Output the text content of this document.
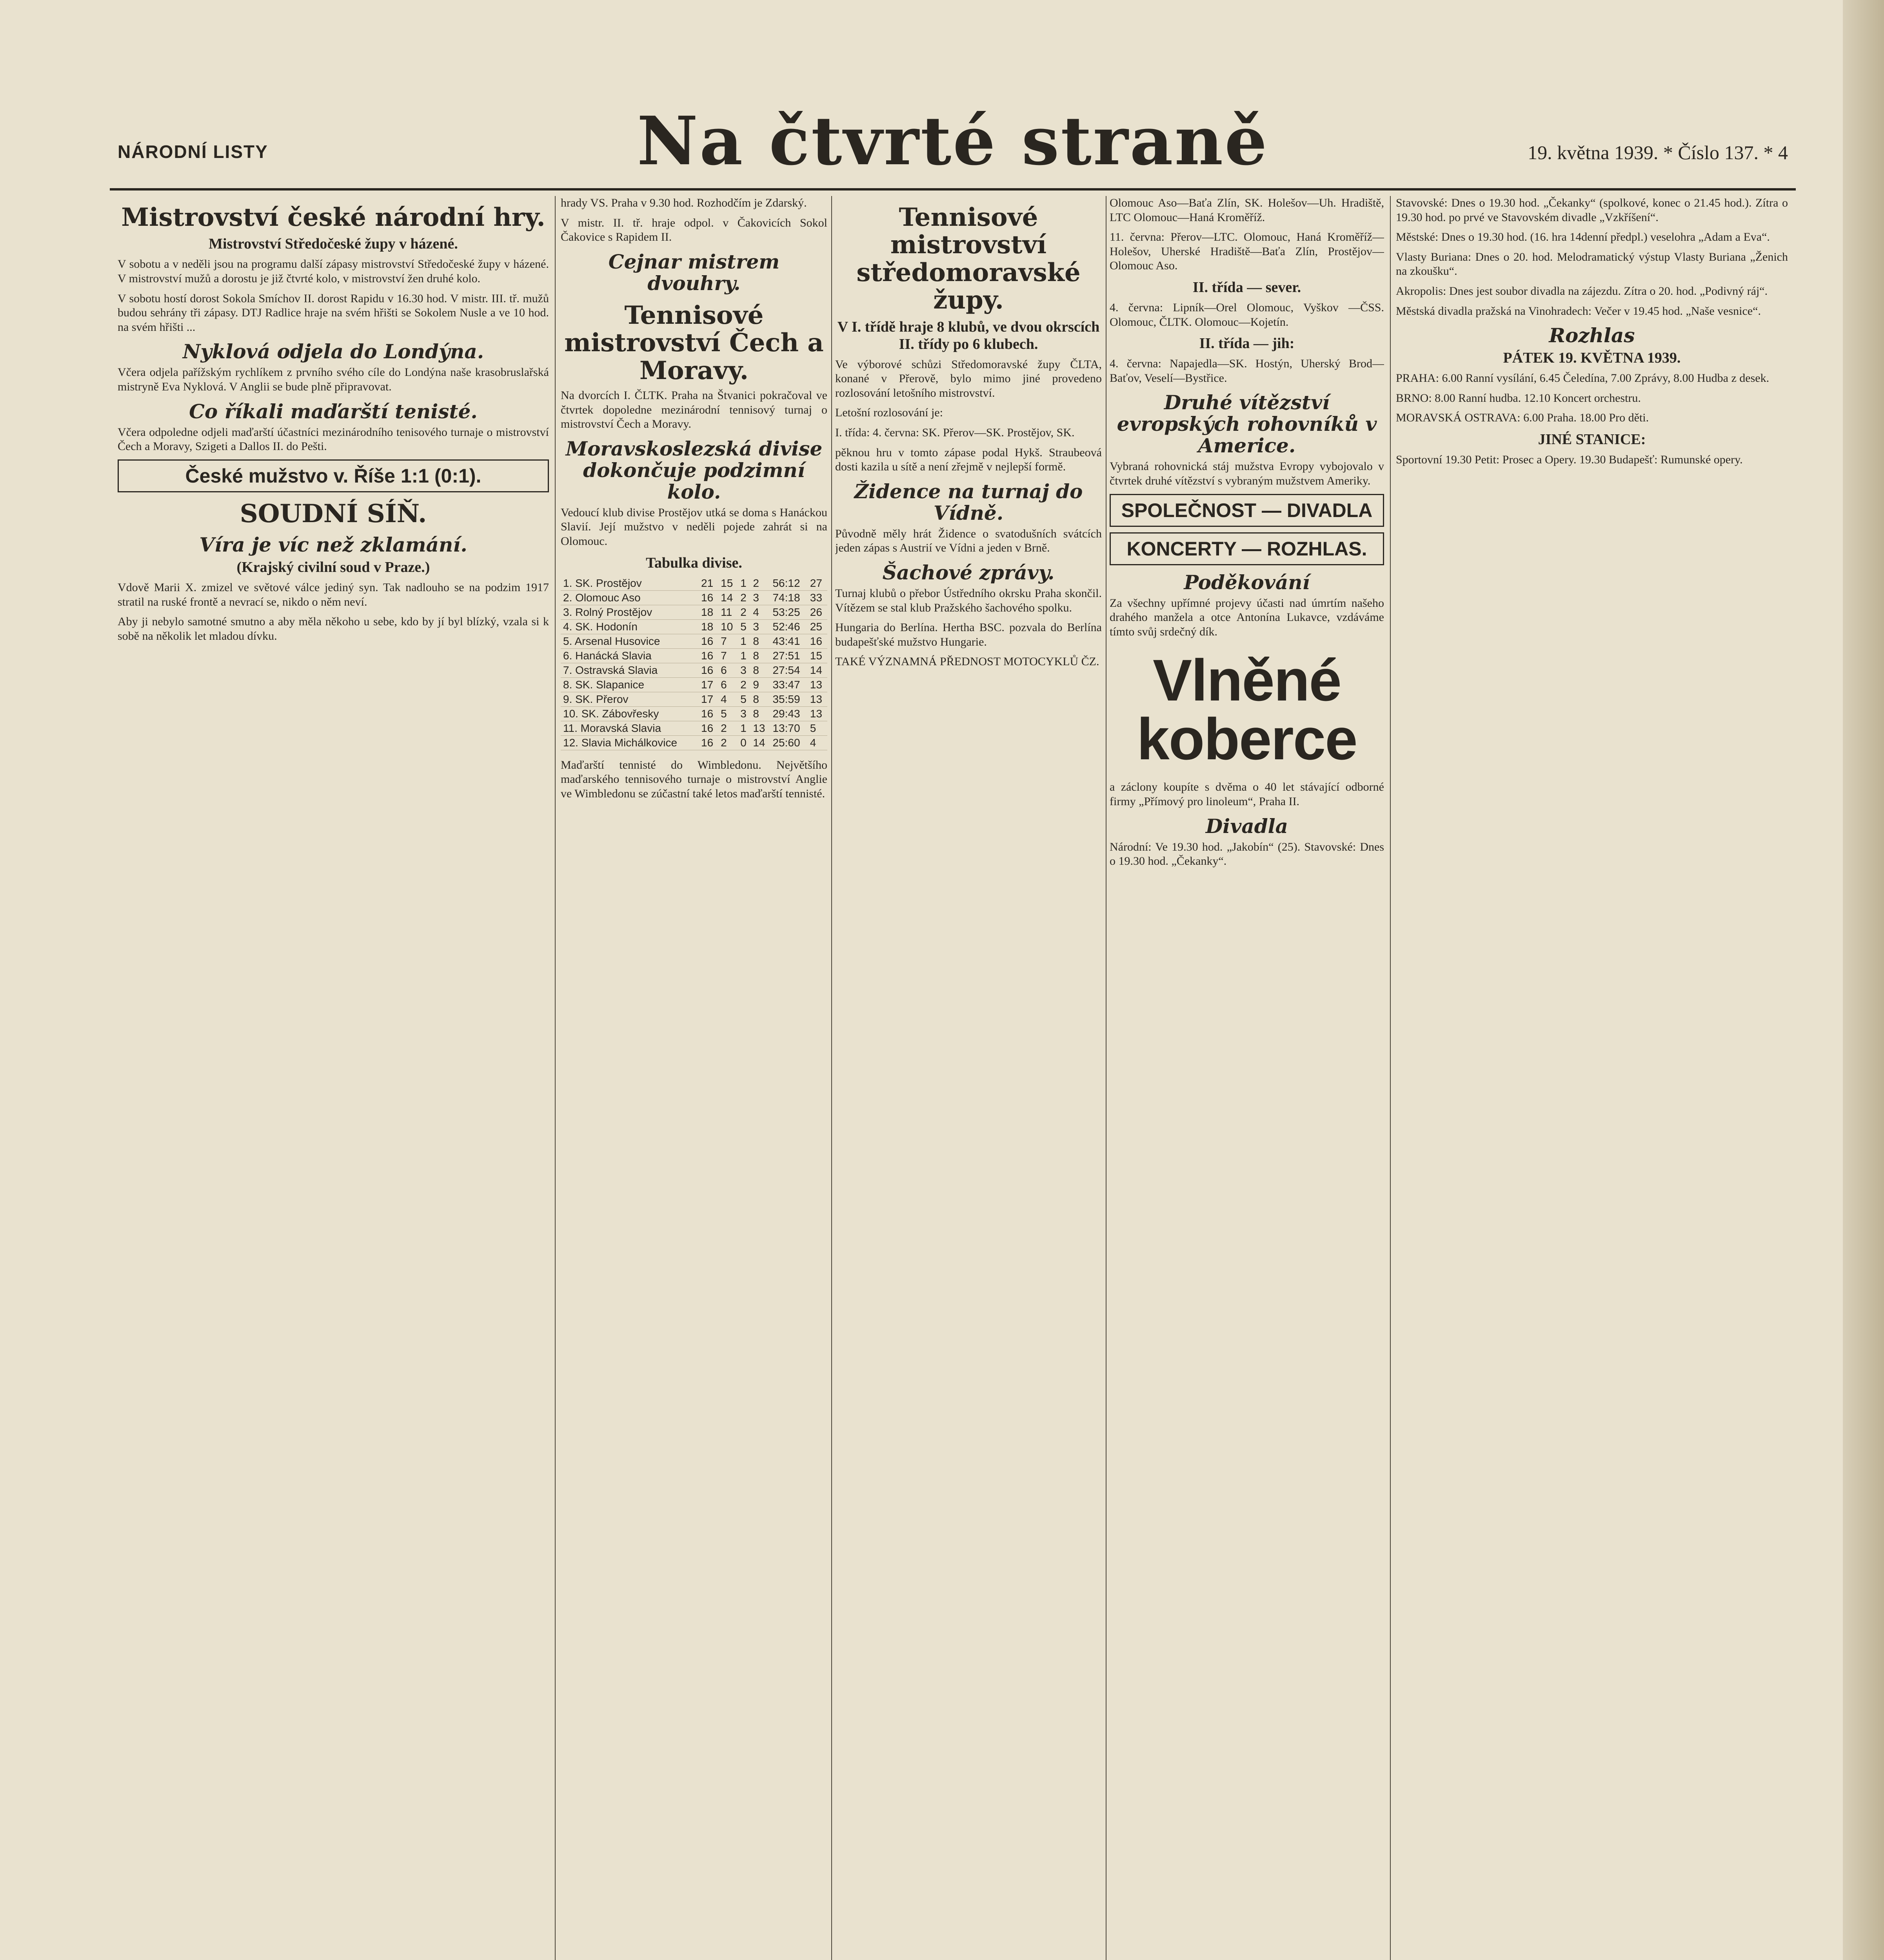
NÁRODNÍ LISTY	Na čtvrté straně	19. května 1939. * Číslo 137. * 4
Mistrovství české národní hry.
Mistrovství Středočeské župy v házené.

V sobotu a v neděli jsou na programu další zápasy mistrovství Středočeské župy v házené. V mistrovství mužů a dorostu je již čtvrté kolo, v mistrovství žen druhé kolo.

V sobotu hostí dorost Sokola Smíchov II. dorost Rapidu v 16.30 hod. V mistr. III. tř. mužů budou sehrány tři zápasy. DTJ Radlice hraje na svém hřišti se Sokolem Nusle a ve 10 hod. na svém hřišti ...

Nyklová odjela do Londýna.

Včera odjela pařížským rychlíkem z prvního svého cíle do Londýna naše krasobruslařská mistryně Eva Nyklová. V Anglii se bude plně připravovat.

Co říkali maďarští tenisté.

Včera odpoledne odjeli maďarští účastníci mezinárodního tenisového turnaje o mistrovství Čech a Moravy, Szigeti a Dallos II. do Pešti.

České mužstvo v. Říše 1:1 (0:1).
SOUDNÍ SÍŇ.
Víra je víc než zklamání.
(Krajský civilní soud v Praze.)

Vdově Marii X. zmizel ve světové válce jediný syn. Tak nadlouho se na podzim 1917 stratil na ruské frontě a nevrací se, nikdo o něm neví.

Aby ji nebylo samotné smutno a aby měla někoho u sebe, kdo by jí byl blízký, vzala si k sobě na několik let mladou dívku.

hrady VS. Praha v 9.30 hod. Rozhodčím je Zdarský.

V mistr. II. tř. hraje odpol. v Čakovicích Sokol Čakovice s Rapidem II.

Cejnar mistrem dvouhry.
Tennisové mistrovství Čech a Moravy.

Na dvorcích I. ČLTK. Praha na Štvanici pokračoval ve čtvrtek dopoledne mezinárodní tennisový turnaj o mistrovství Čech a Moravy.

Moravskoslezská divise dokončuje podzimní kolo.

Vedoucí klub divise Prostějov utká se doma s Hanáckou Slavií. Její mužstvo v neděli pojede zahrát si na Olomouc.

Tabulka divise.
1. SK. Prostějov	21	15	1	2	56:12	27
2. Olomouc Aso	16	14	2	3	74:18	33
3. Rolný Prostějov	18	11	2	4	53:25	26
4. SK. Hodonín	18	10	5	3	52:46	25
5. Arsenal Husovice	16	7	1	8	43:41	16
6. Hanácká Slavia	16	7	1	8	27:51	15
7. Ostravská Slavia	16	6	3	8	27:54	14
8. SK. Slapanice	17	6	2	9	33:47	13
9. SK. Přerov	17	4	5	8	35:59	13
10. SK. Zábovřesky	16	5	3	8	29:43	13
11. Moravská Slavia	16	2	1	13	13:70	5
12. Slavia Michálkovice	16	2	0	14	25:60	4

Maďarští tennisté do Wimbledonu. Největšího maďarského tennisového turnaje o mistrovství Anglie ve Wimbledonu se zúčastní také letos maďarští tennisté.

Tennisové mistrovství středomoravské župy.
V I. třídě hraje 8 klubů, ve dvou okrscích II. třídy po 6 klubech.

Ve výborové schůzi Středomoravské župy ČLTA, konané v Přerově, bylo mimo jiné provedeno rozlosování letošního mistrovství.

Letošní rozlosování je:

I. třída: 4. června: SK. Přerov—SK. Prostějov, SK.

pěknou hru v tomto zápase podal Hykš. Straubeová dosti kazila u sítě a není zřejmě v nejlepší formě.

Židence na turnaj do Vídně.

Původně měly hrát Židence o svatodušních svátcích jeden zápas s Austrií ve Vídni a jeden v Brně.

Šachové zprávy.

Turnaj klubů o přebor Ústředního okrsku Praha skončil. Vítězem se stal klub Pražského šachového spolku.

Hungaria do Berlína. Hertha BSC. pozvala do Berlína budapešťské mužstvo Hungarie.

TAKÉ VÝZNAMNÁ PŘEDNOST MOTOCYKLŮ ČZ.

Olomouc Aso—Baťa Zlín, SK. Holešov—Uh. Hradiště, LTC Olomouc—Haná Kroměříž.

11. června: Přerov—LTC. Olomouc, Haná Kroměříž—Holešov, Uherské Hradiště—Baťa Zlín, Prostějov—Olomouc Aso.

II. třída — sever.

4. června: Lipník—Orel Olomouc, Vyškov —ČSS. Olomouc, ČLTK. Olomouc—Kojetín.

II. třída — jih:

4. června: Napajedla—SK. Hostýn, Uherský Brod—Baťov, Veselí—Bystřice.

Druhé vítězství evropských rohovníků v Americe.

Vybraná rohovnická stáj mužstva Evropy vybojovalo v čtvrtek druhé vítězství s vybraným mužstvem Ameriky.

SPOLEČNOST — DIVADLA
KONCERTY — ROZHLAS.
Poděkování

Za všechny upřímné projevy účasti nad úmrtím našeho drahého manžela a otce Antonína Lukavce, vzdáváme tímto svůj srdečný dík.

Vlněné koberce

a záclony koupíte s dvěma o 40 let stávající odborné firmy „Přímový pro linoleum“, Praha II.

Divadla

Národní: Ve 19.30 hod. „Jakobín“ (25). Stavovské: Dnes o 19.30 hod. „Čekanky“.

Stavovské: Dnes o 19.30 hod. „Čekanky“ (spolkové, konec o 21.45 hod.). Zítra o 19.30 hod. po prvé ve Stavovském divadle „Vzkříšení“.

Městské: Dnes o 19.30 hod. (16. hra 14denní předpl.) veselohra „Adam a Eva“.

Vlasty Buriana: Dnes o 20. hod. Melodramatický výstup Vlasty Buriana „Ženich na zkoušku“.

Akropolis: Dnes jest soubor divadla na zájezdu. Zítra o 20. hod. „Podivný ráj“.

Městská divadla pražská na Vinohradech: Večer v 19.45 hod. „Naše vesnice“.

Rozhlas
PÁTEK 19. KVĚTNA 1939.

PRAHA: 6.00 Ranní vysílání, 6.45 Čeledína, 7.00 Zprávy, 8.00 Hudba z desek.

BRNO: 8.00 Ranní hudba. 12.10 Koncert orchestru.

MORAVSKÁ OSTRAVA: 6.00 Praha. 18.00 Pro děti.

JINÉ STANICE:

Sportovní 19.30 Petit: Prosec a Opery. 19.30 Budapešť: Rumunské opery.
